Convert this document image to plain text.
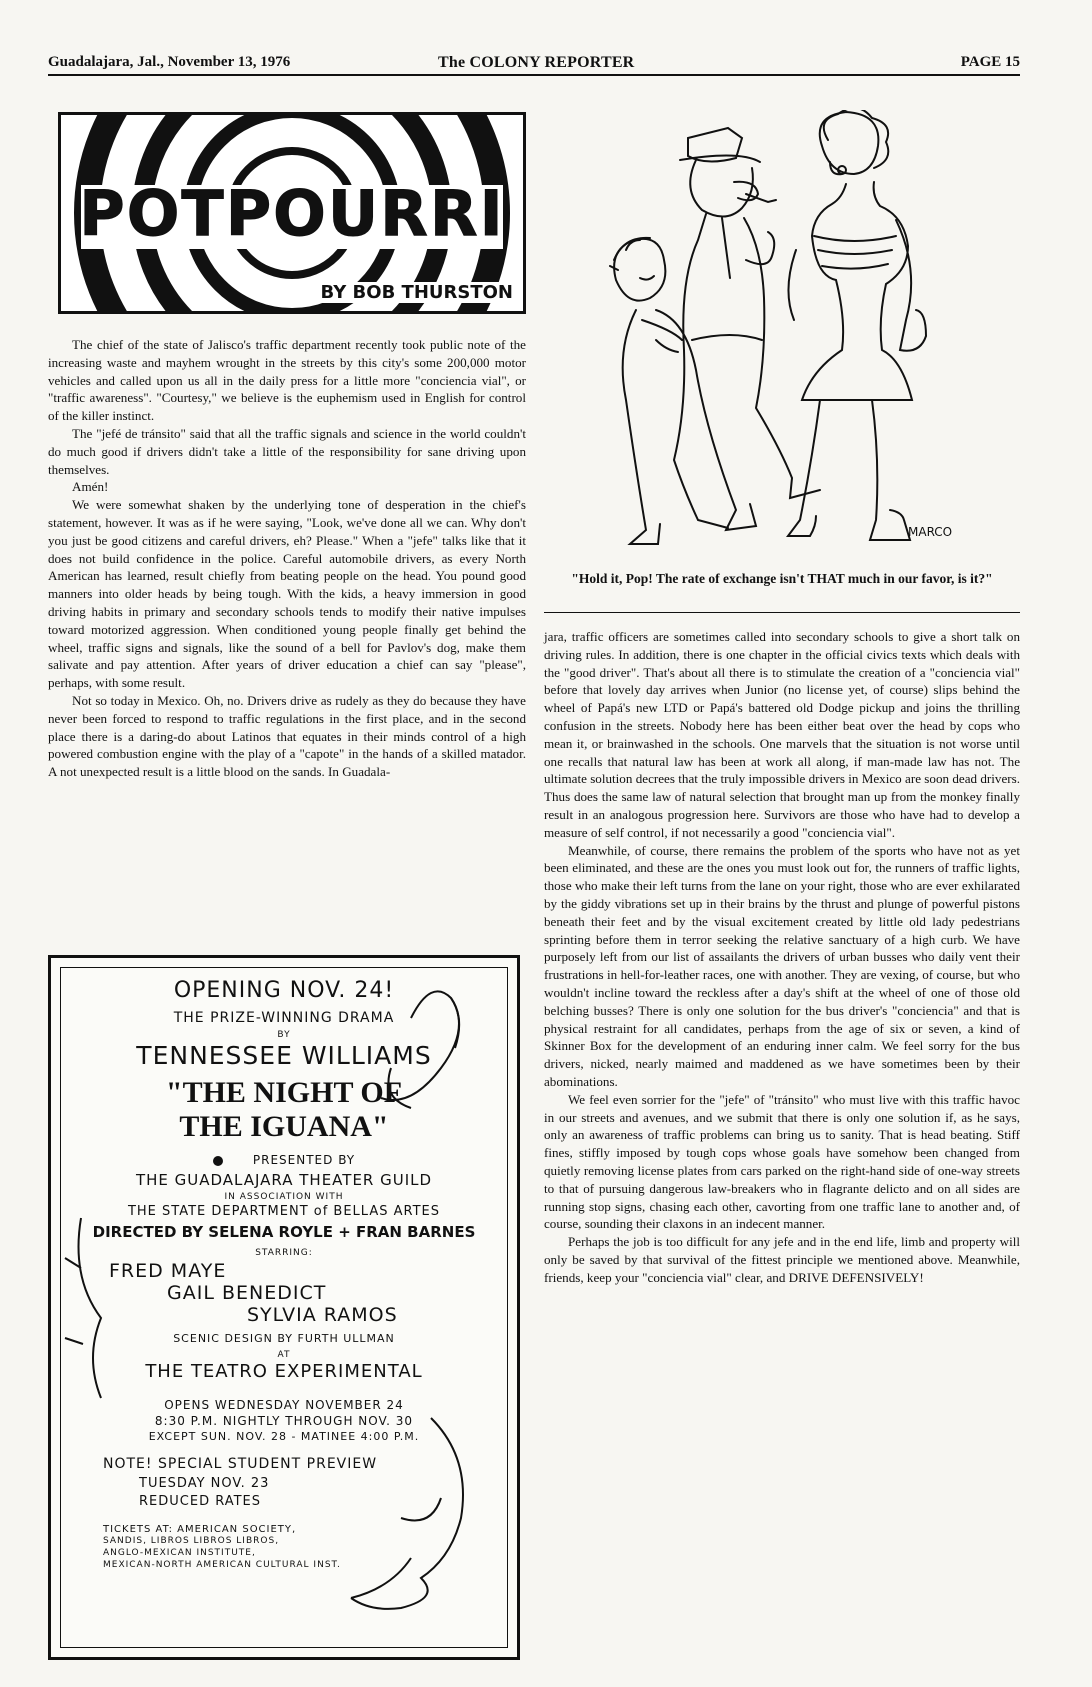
Guadalajara, Jal., November 13, 1976	The COLONY REPORTER	PAGE 15
POTPOURRI
BY BOB THURSTON

The chief of the state of Jalisco's traffic department recently took public note of the increasing waste and mayhem wrought in the streets by this city's some 200,000 motor vehicles and called upon us all in the daily press for a little more "conciencia vial", or "traffic awareness". "Courtesy," we believe is the euphemism used in English for control of the killer instinct.

The "jefé de tránsito" said that all the traffic signals and science in the world couldn't do much good if drivers didn't take a little of the responsibility for sane driving upon themselves.

Amén!

We were somewhat shaken by the underlying tone of desperation in the chief's statement, however. It was as if he were saying, "Look, we've done all we can. Why don't you just be good citizens and careful drivers, eh? Please." When a "jefe" talks like that it does not build confidence in the police. Careful automobile drivers, as every North American has learned, result chiefly from beating people on the head. You pound good manners into older heads by being tough. With the kids, a heavy immersion in good driving habits in primary and secondary schools tends to modify their native impulses toward motorized aggression. When conditioned young people finally get behind the wheel, traffic signs and signals, like the sound of a bell for Pavlov's dog, make them salivate and pay attention. After years of driver education a chief can say "please", perhaps, with some result.

Not so today in Mexico. Oh, no. Drivers drive as rudely as they do because they have never been forced to respond to traffic regulations in the first place, and in the second place there is a daring-do about Latinos that equates in their minds control of a high powered combustion engine with the play of a "capote" in the hands of a skilled matador. A not unexpected result is a little blood on the sands. In Guadala-

MARCO
"Hold it, Pop! The rate of exchange isn't THAT much in our favor, is it?"

jara, traffic officers are sometimes called into secondary schools to give a short talk on driving rules. In addition, there is one chapter in the official civics texts which deals with the "good driver". That's about all there is to stimulate the creation of a "conciencia vial" before that lovely day arrives when Junior (no license yet, of course) slips behind the wheel of Papá's new LTD or Papá's battered old Dodge pickup and joins the thrilling confusion in the streets. Nobody here has been either beat over the head by cops who mean it, or brainwashed in the schools. One marvels that the situation is not worse until one recalls that natural law has been at work all along, if man-made law has not. The ultimate solution decrees that the truly impossible drivers in Mexico are soon dead drivers. Thus does the same law of natural selection that brought man up from the monkey finally result in an analogous progression here. Survivors are those who have had to develop a measure of self control, if not necessarily a good "conciencia vial".

Meanwhile, of course, there remains the problem of the sports who have not as yet been eliminated, and these are the ones you must look out for, the runners of traffic lights, those who make their left turns from the lane on your right, those who are ever exhilarated by the giddy vibrations set up in their brains by the thrust and plunge of powerful pistons beneath their feet and by the visual excitement created by little old lady pedestrians sprinting before them in terror seeking the relative sanctuary of a high curb. We have purposely left from our list of assailants the drivers of urban busses who daily vent their frustrations in hell-for-leather races, one with another. They are vexing, of course, but who wouldn't incline toward the reckless after a day's shift at the wheel of one of those old belching busses? There is only one solution for the bus driver's "conciencia" and that is physical restraint for all candidates, perhaps from the age of six or seven, a kind of Skinner Box for the development of an enduring inner calm. We feel sorry for the bus drivers, nicked, nearly maimed and maddened as we have sometimes been by their abominations.

We feel even sorrier for the "jefe" of "tránsito" who must live with this traffic havoc in our streets and avenues, and we submit that there is only one solution if, as he says, only an awareness of traffic problems can bring us to sanity. That is head beating. Stiff fines, stiffly imposed by tough cops whose goals have somehow been changed from quietly removing license plates from cars parked on the right-hand side of one-way streets to that of pursuing dangerous law-breakers who in flagrante delicto and on all sides are running stop signs, chasing each other, cavorting from one traffic lane to another and, of course, sounding their claxons in an indecent manner.

Perhaps the job is too difficult for any jefe and in the end life, limb and property will only be saved by that survival of the fittest principle we mentioned above. Meanwhile, friends, keep your "conciencia vial" clear, and DRIVE DEFENSIVELY!

OPENING NOV. 24!
THE PRIZE-WINNING DRAMA
BY
TENNESSEE WILLIAMS
"THE NIGHT OF
THE IGUANA"
PRESENTED BY
THE GUADALAJARA THEATER GUILD
IN ASSOCIATION WITH
THE STATE DEPARTMENT of BELLAS ARTES
DIRECTED BY SELENA ROYLE + FRAN BARNES
STARRING:
FRED MAYE
GAIL BENEDICT
SYLVIA RAMOS
SCENIC DESIGN BY FURTH ULLMAN
AT
THE TEATRO EXPERIMENTAL
OPENS WEDNESDAY NOVEMBER 24
8:30 P.M. NIGHTLY THROUGH NOV. 30
EXCEPT SUN. NOV. 28 - MATINEE 4:00 P.M.
NOTE! SPECIAL STUDENT PREVIEW
TUESDAY NOV. 23
REDUCED RATES
TICKETS AT: AMERICAN SOCIETY,
SANDIS, LIBROS LIBROS LIBROS,
ANGLO-MEXICAN INSTITUTE,
MEXICAN-NORTH AMERICAN CULTURAL INST.
